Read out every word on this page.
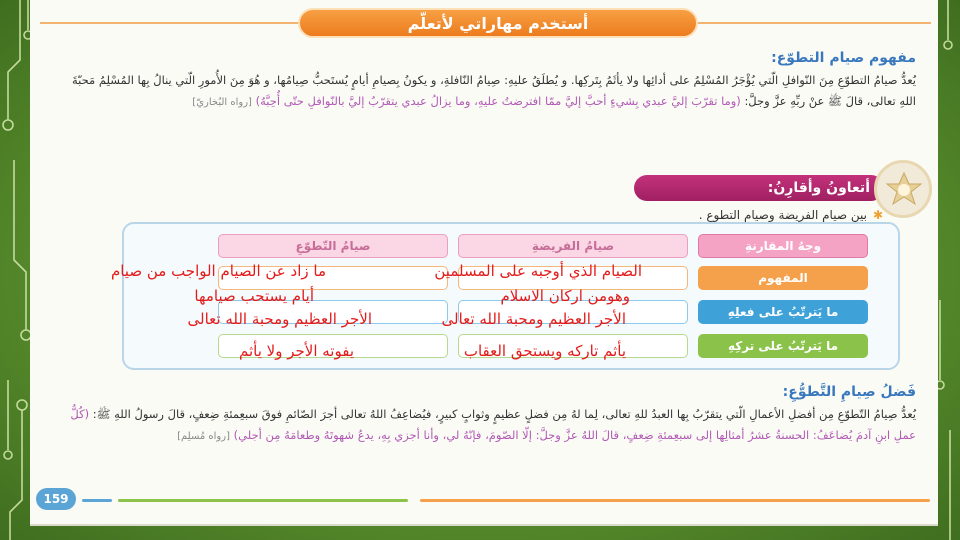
أستخدم مهاراتي لأتعلّم
مفهوم صيام التطوّع:
يُعدُّ صيامُ التطوّعِ مِنَ النّوافلِ الّتي يُؤْجَرُ المُسْلِمُ على أدائِها ولا يأثَمُ بِتَركِها. و يُطلَقُ عليهِ: صِيامُ النّافلةِ، و يكونُ بِصيامِ أيامٍ يُستَحبُّ صِيامُها، و هُوَ مِنَ الأُمورِ الّتي ينالُ بِها المُسْلِمُ مَحبّةَ اللهِ تعالى، قالَ ﷺ عنْ ربِّهِ عزَّ وجلَّ: (وما تقرّبَ إليَّ عبدي بِشيءٍ أحبَّ إليَّ ممّا افترضتُ عليهِ، وما يزالُ عبدي يتقرّبُ إليَّ بالنّوافلِ حتّى أُحِبَّهُ) [رواه البُخاريّ]
أتعاونُ وأقارِنُ:
✱بين صيام الفريضة وصيام التطوع .
وجهُ المقارنةِ
صيامُ الفريضةِ
صيامُ التّطوّعِ
المفهوم
ما يَترتّبُ على فعلِهِ
ما يَترتّبُ على تركِهِ
الصيام الذي أوجبه على المسلمين
ما زاد عن الصيام الواجب من صيام
وهومن اركان الاسلام
أيام يستحب صيامها
الأجر العظيم ومحبة الله تعالى
الأجر العظيم ومحبة الله تعالى
يأثم تاركه ويستحق العقاب
يفوته الأجر ولا يأثم
فَضلُ صِيامِ التَّطوُّعِ:
يُعدُّ صِيامُ التّطوّعِ مِن أفضلِ الأعمالِ الّتي يتقرّبُ بِها العبدُ للهِ تعالى، لِما لهُ مِن فضلٍ عظيمٍ وثوابٍ كبيرٍ، فيُضاعِفُ اللهُ تعالى أجرَ الصّائمِ فوقَ سبعِمئةِ ضِعفٍ، قالَ رسولُ اللهِ ﷺ: (كُلُّ عملِ ابنِ آدمَ يُضاعَفُ: الحسنةُ عشرُ أمثالِها إلى سبعِمئةِ ضِعفٍ، قالَ اللهُ عزَّ وجلَّ: إلّا الصّومَ، فإنّهُ لي، وأنا أجزي بِهِ، يدعُ شهوتَهُ وطعامَهُ مِن أجلي) [رواه مُسلِم]
159
